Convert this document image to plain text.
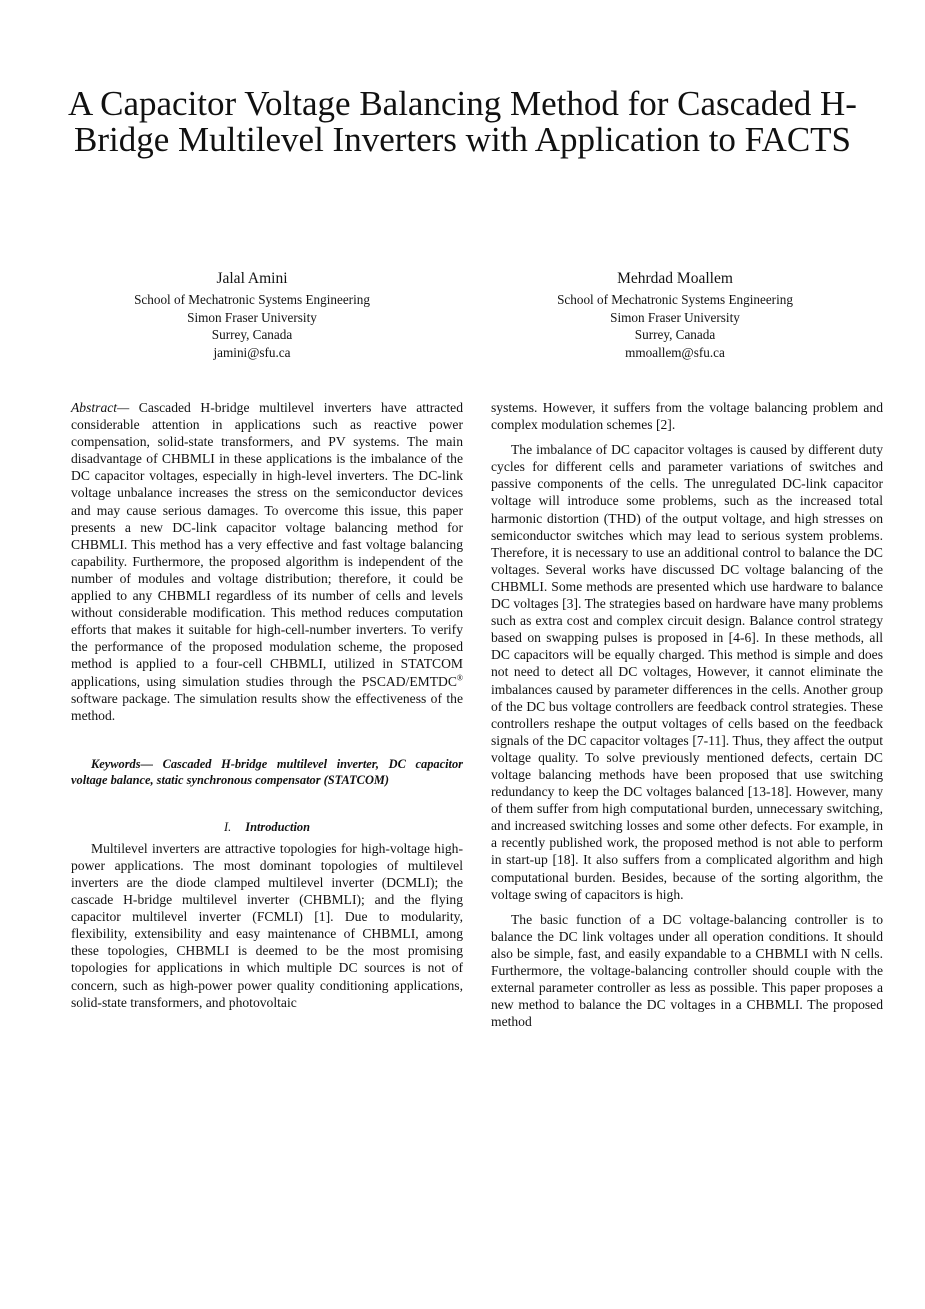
A Capacitor Voltage Balancing Method for Cascaded H-Bridge Multilevel Inverters with Application to FACTS
Jalal Amini
School of Mechatronic Systems Engineering
Simon Fraser University
Surrey, Canada
jamini@sfu.ca
Mehrdad Moallem
School of Mechatronic Systems Engineering
Simon Fraser University
Surrey, Canada
mmoallem@sfu.ca

Abstract— Cascaded H-bridge multilevel inverters have attracted considerable attention in applications such as reactive power compensation, solid-state transformers, and PV systems. The main disadvantage of CHBMLI in these applications is the imbalance of the DC capacitor voltages, especially in high-level inverters. The DC-link voltage unbalance increases the stress on the semiconductor devices and may cause serious damages. To overcome this issue, this paper presents a new DC-link capacitor voltage balancing method for CHBMLI. This method has a very effective and fast voltage balancing capability. Furthermore, the proposed algorithm is independent of the number of modules and voltage distribution; therefore, it could be applied to any CHBMLI regardless of its number of cells and levels without considerable modification. This method reduces computation efforts that makes it suitable for high-cell-number inverters. To verify the performance of the proposed modulation scheme, the proposed method is applied to a four-cell CHBMLI, utilized in STATCOM applications, using simulation studies through the PSCAD/EMTDC® software package. The simulation results show the effectiveness of the method.

Keywords— Cascaded H-bridge multilevel inverter, DC capacitor voltage balance, static synchronous compensator (STATCOM)

I. Introduction

Multilevel inverters are attractive topologies for high-voltage high-power applications. The most dominant topologies of multilevel inverters are the diode clamped multilevel inverter (DCMLI); the cascade H-bridge multilevel inverter (CHBMLI); and the flying capacitor multilevel inverter (FCMLI) [1]. Due to modularity, flexibility, extensibility and easy maintenance of CHBMLI, among these topologies, CHBMLI is deemed to be the most promising topologies for applications in which multiple DC sources is not of concern, such as high-power power quality conditioning applications, solid-state transformers, and photovoltaic

systems. However, it suffers from the voltage balancing problem and complex modulation schemes [2].

The imbalance of DC capacitor voltages is caused by different duty cycles for different cells and parameter variations of switches and passive components of the cells. The unregulated DC-link capacitor voltage will introduce some problems, such as the increased total harmonic distortion (THD) of the output voltage, and high stresses on semiconductor switches which may lead to serious system problems. Therefore, it is necessary to use an additional control to balance the DC voltages. Several works have discussed DC voltage balancing of the CHBMLI. Some methods are presented which use hardware to balance DC voltages [3]. The strategies based on hardware have many problems such as extra cost and complex circuit design. Balance control strategy based on swapping pulses is proposed in [4-6]. In these methods, all DC capacitors will be equally charged. This method is simple and does not need to detect all DC voltages, However, it cannot eliminate the imbalances caused by parameter differences in the cells. Another group of the DC bus voltage controllers are feedback control strategies. These controllers reshape the output voltages of cells based on the feedback signals of the DC capacitor voltages [7-11]. Thus, they affect the output voltage quality. To solve previously mentioned defects, certain DC voltage balancing methods have been proposed that use switching redundancy to keep the DC voltages balanced [13-18]. However, many of them suffer from high computational burden, unnecessary switching, and increased switching losses and some other defects. For example, in a recently published work, the proposed method is not able to perform in start-up [18]. It also suffers from a complicated algorithm and high computational burden. Besides, because of the sorting algorithm, the voltage swing of capacitors is high.

The basic function of a DC voltage-balancing controller is to balance the DC link voltages under all operation conditions. It should also be simple, fast, and easily expandable to a CHBMLI with N cells. Furthermore, the voltage-balancing controller should couple with the external parameter controller as less as possible. This paper proposes a new method to balance the DC voltages in a CHBMLI. The proposed method
